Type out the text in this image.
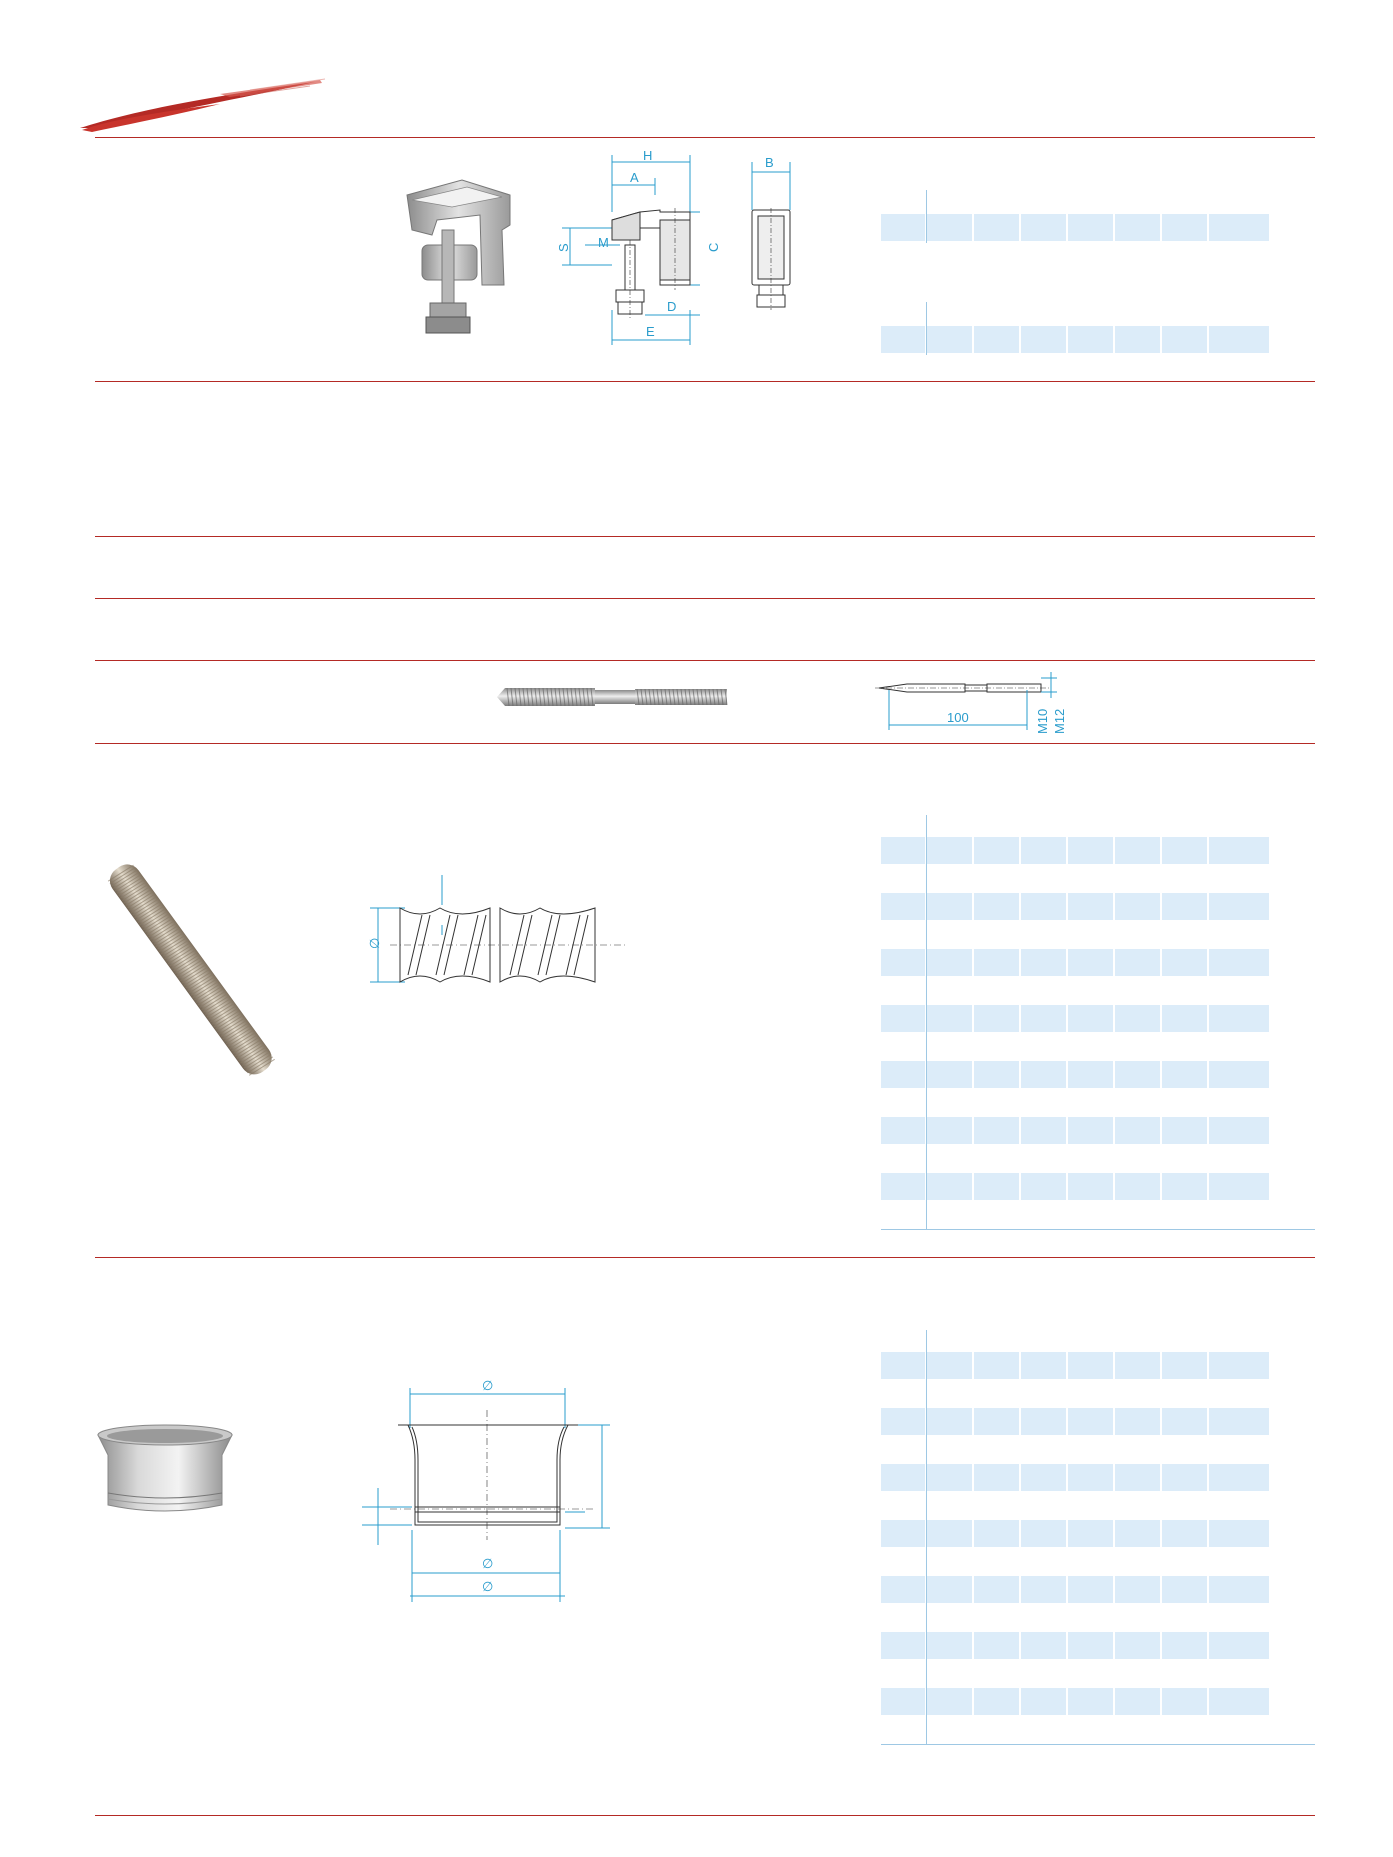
H
A
S M
D
E
C
B
100	M10 M12
∅
∅
∅
∅
